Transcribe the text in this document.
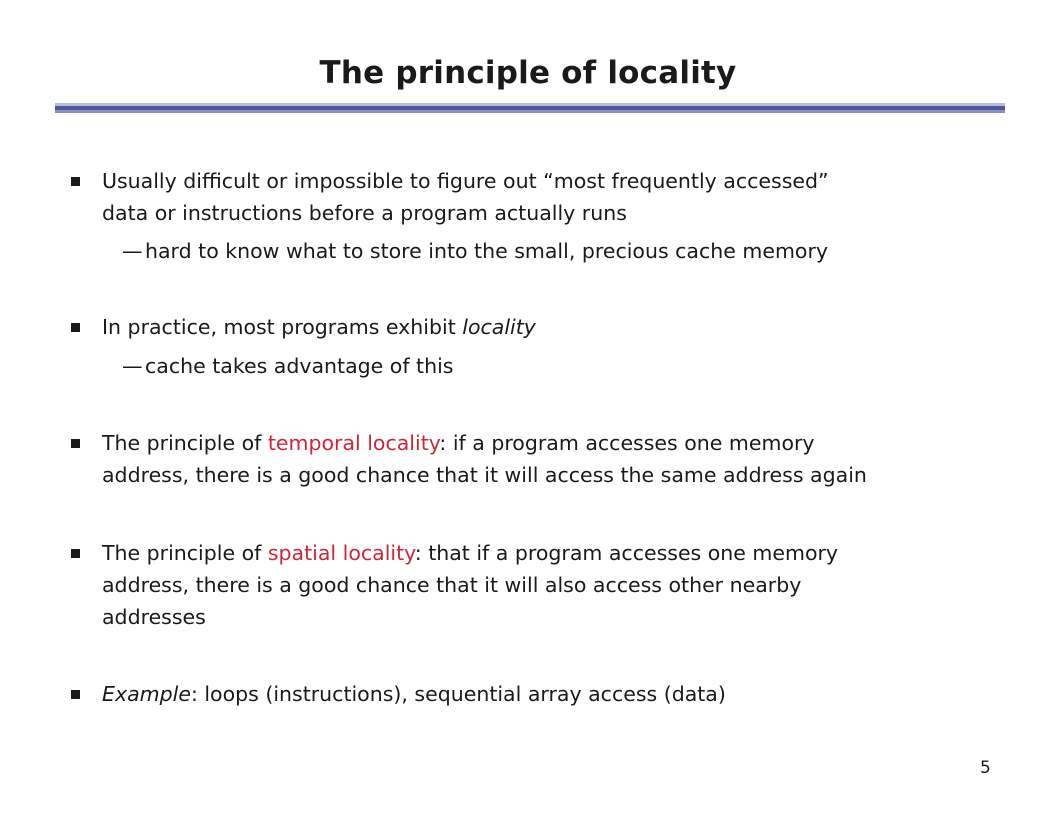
The principle of locality
Usually difficult or impossible to figure out “most frequently accessed”
data or instructions before a program actually runs
— hard to know what to store into the small, precious cache memory
In practice, most programs exhibit locality
— cache takes advantage of this
The principle of temporal locality: if a program accesses one memory
address, there is a good chance that it will access the same address again
The principle of spatial locality: that if a program accesses one memory
address, there is a good chance that it will also access other nearby
addresses
Example: loops (instructions), sequential array access (data)
5
